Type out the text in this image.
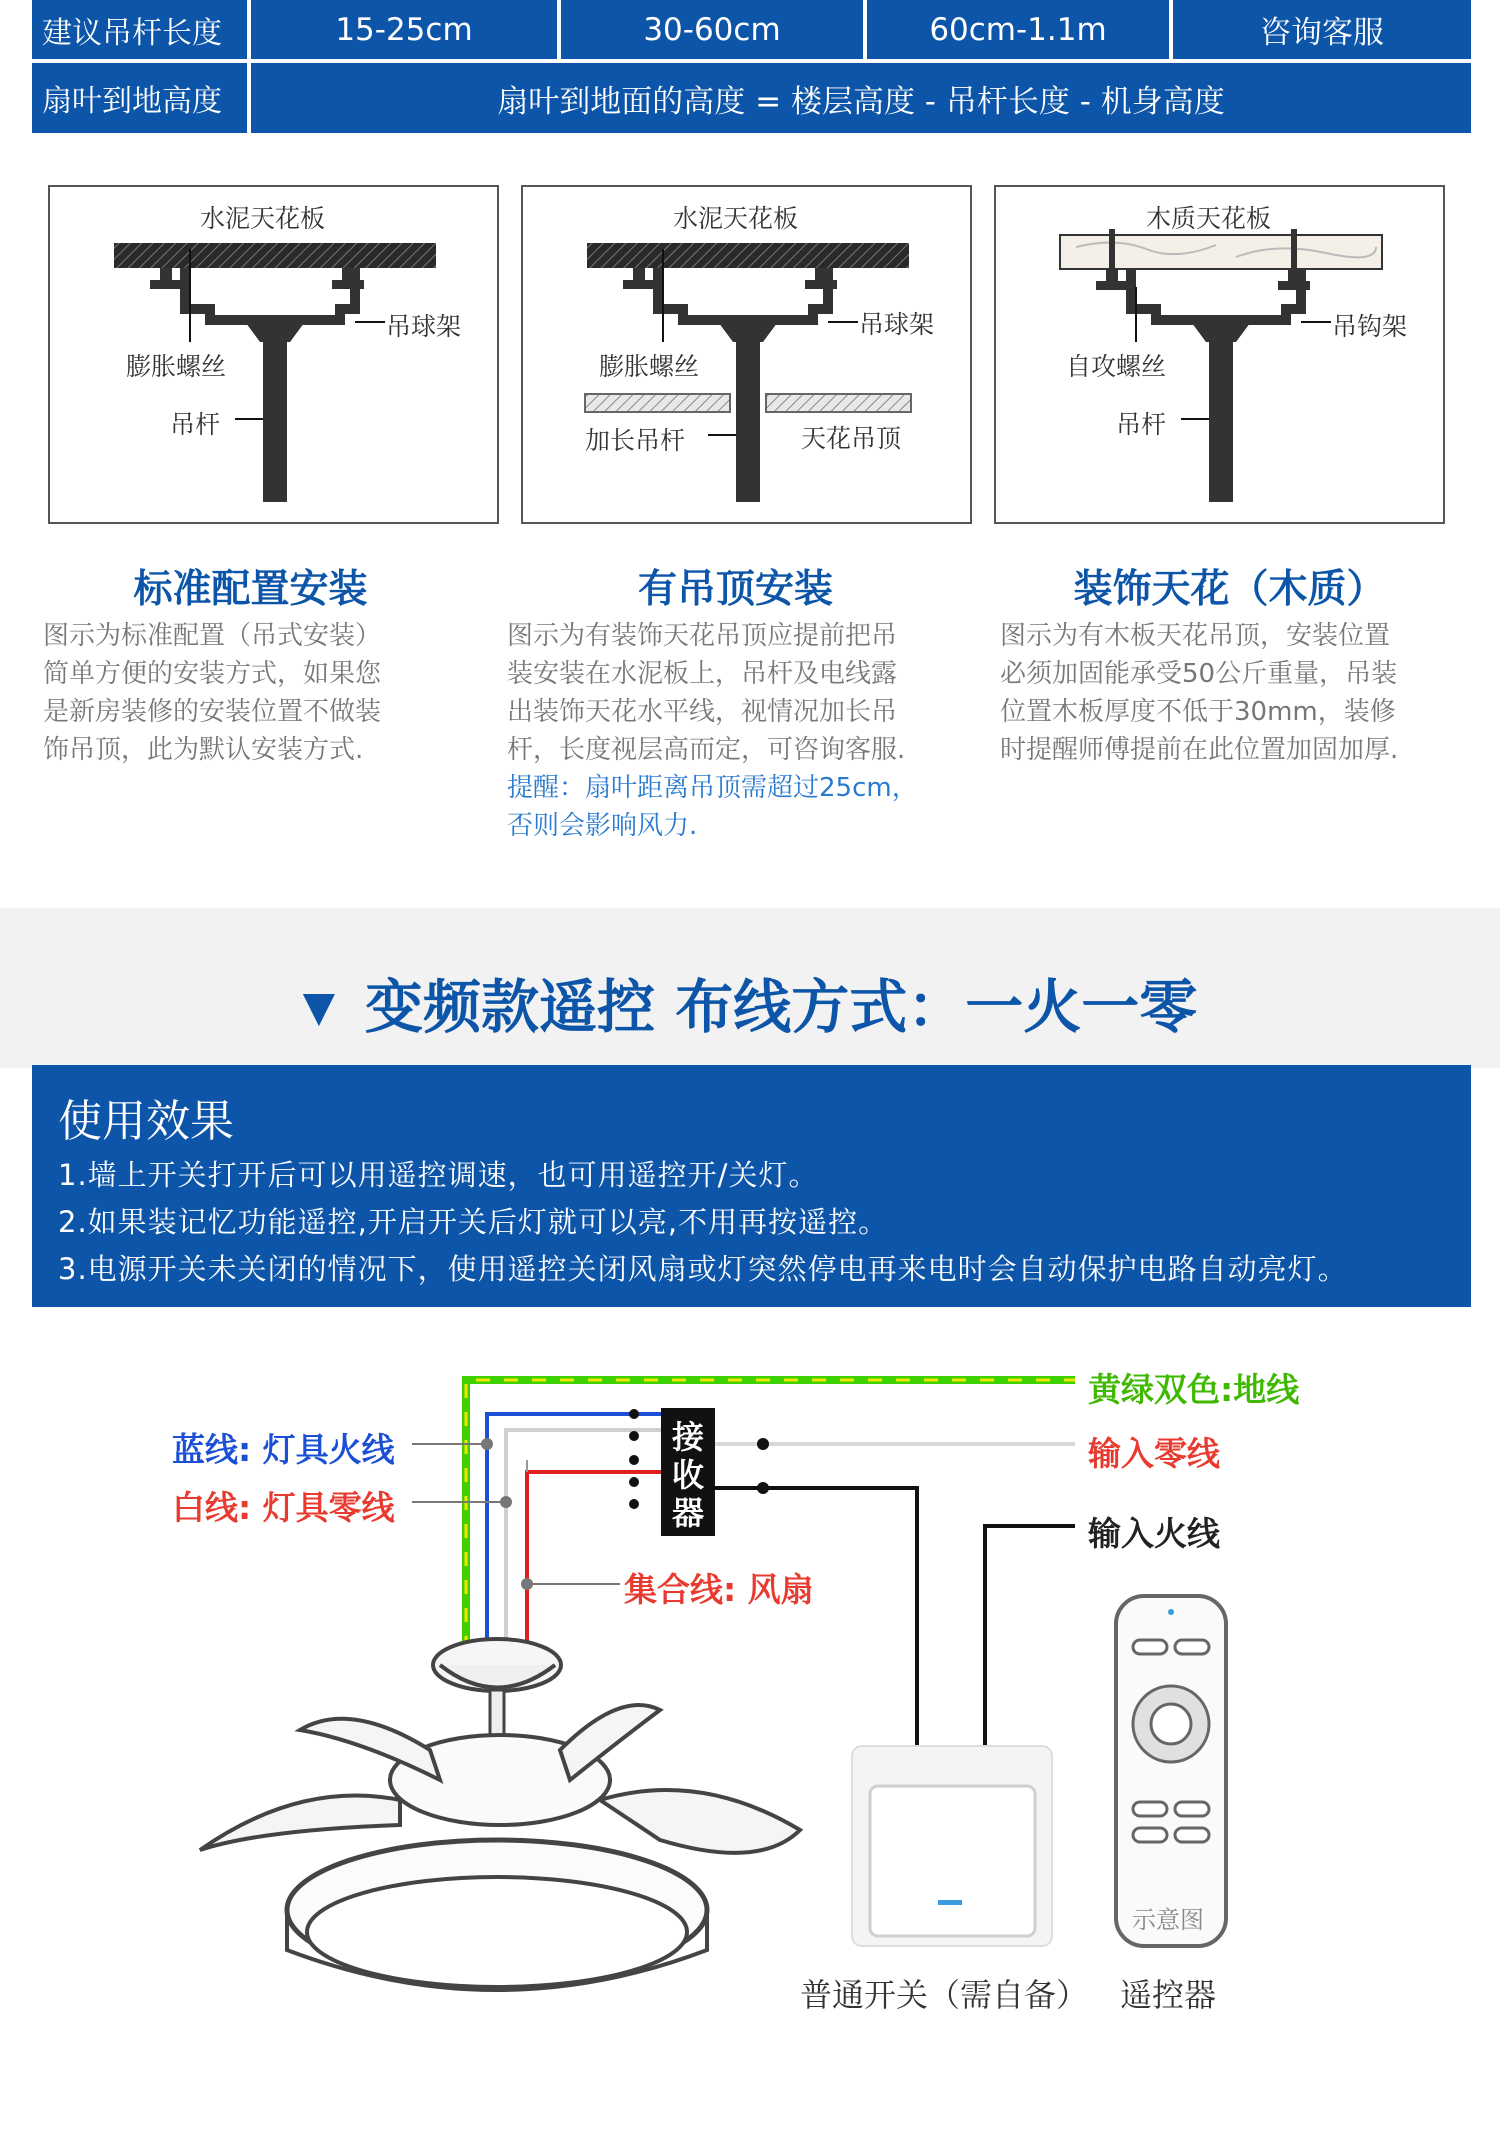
建议吊杆长度	15-25cm	30-60cm	60cm-1.1m	咨询客服
扇叶到地高度	扇叶到地面的高度 = 楼层高度 - 吊杆长度 - 机身高度
水泥天花板
吊球架
膨胀螺丝
吊杆
水泥天花板
吊球架
膨胀螺丝
加长吊杆	天花吊顶
木质天花板
吊钩架
自攻螺丝
吊杆
标准配置安装
图示为标准配置（吊式安装）
简单方便的安装方式，如果您
是新房装修的安装位置不做装
饰吊顶，此为默认安装方式.
有吊顶安装
图示为有装饰天花吊顶应提前把吊
装安装在水泥板上，吊杆及电线露
出装饰天花水平线，视情况加长吊
杆，长度视层高而定，可咨询客服.
提醒：扇叶距离吊顶需超过25cm，
否则会影响风力.
装饰天花（木质）
图示为有木板天花吊顶，安装位置
必须加固能承受50公斤重量，吊装
位置木板厚度不低于30mm，装修
时提醒师傅提前在此位置加固加厚.
▼ 变频款遥控 布线方式：一火一零
使用效果
1.墙上开关打开后可以用遥控调速，也可用遥控开/关灯。
2.如果装记忆功能遥控,开启开关后灯就可以亮,不用再按遥控。
3.电源开关未关闭的情况下，使用遥控关闭风扇或灯突然停电再来电时会自动保护电路自动亮灯。
接收器
蓝线: 灯具火线
白线: 灯具零线
集合线: 风扇
黄绿双色:地线
输入零线
输入火线
示意图
普通开关（需自备） 遥控器
